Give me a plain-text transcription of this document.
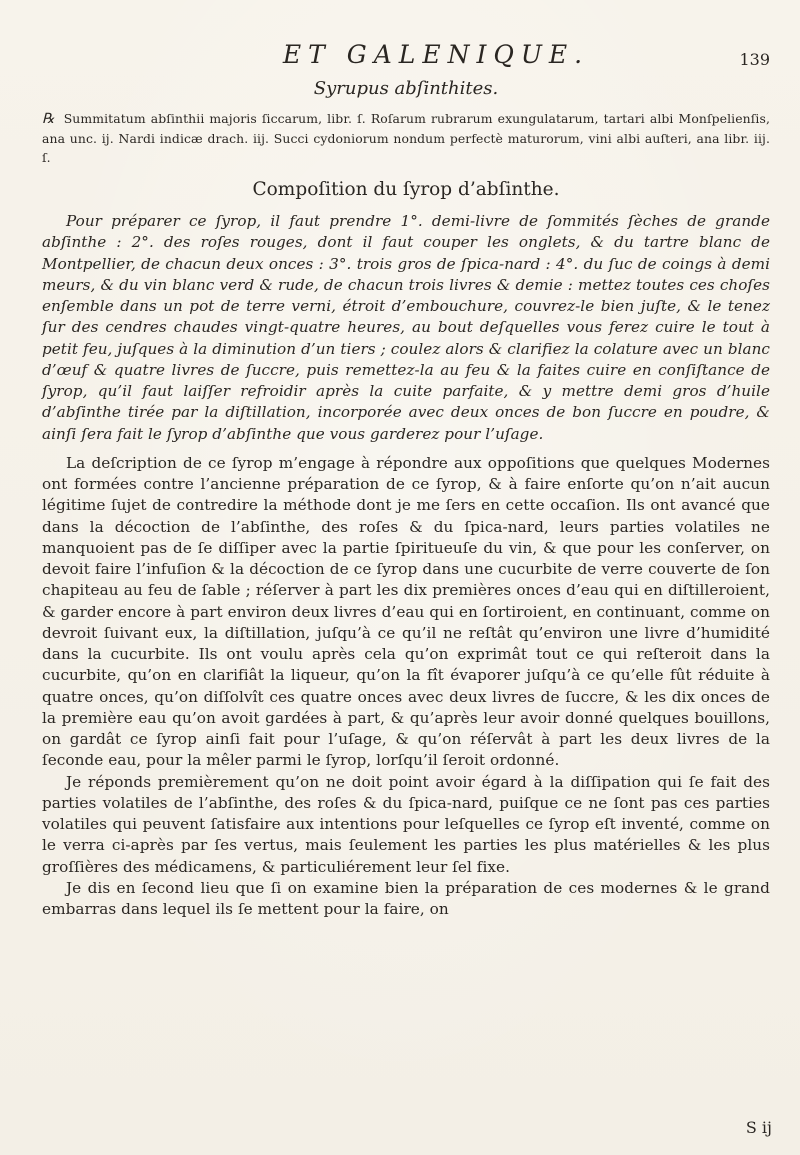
ET GALENIQUE.	139
Syrupus abſinthites.

℞ Summitatum abſinthii majoris ſiccarum, libr. ſ. Roſarum rubrarum exungulatarum, tartari albi Monſpelienſis, ana unc. ij. Nardi indicæ drach. iij. Succi cydoniorum nondum perfectè maturorum, vini albi auſteri, ana libr. iij. ſ.

Compoſition du ſyrop d’abſinthe.

Pour préparer ce ſyrop, il faut prendre 1°. demi-livre de ſommités ſèches de grande abſinthe : 2°. des roſes rouges, dont il faut couper les onglets, & du tartre blanc de Montpellier, de chacun deux onces : 3°. trois gros de ſpica-nard : 4°. du ſuc de coings à demi meurs, & du vin blanc verd & rude, de chacun trois livres & demie : mettez toutes ces choſes enſemble dans un pot de terre verni, étroit d’embouchure, couvrez-le bien juſte, & le tenez ſur des cendres chaudes vingt-quatre heures, au bout deſquelles vous ferez cuire le tout à petit feu, juſques à la diminution d’un tiers ; coulez alors & clarifiez la colature avec un blanc d’œuf & quatre livres de ſuccre, puis remettez-la au feu & la faites cuire en conſiſtance de ſyrop, qu’il faut laiſſer refroidir après la cuite parfaite, & y mettre demi gros d’huile d’abſinthe tirée par la diſtillation, incorporée avec deux onces de bon ſuccre en poudre, & ainſi ſera fait le ſyrop d’abſinthe que vous garderez pour l’uſage.

La deſcription de ce ſyrop m’engage à répondre aux oppoſitions que quelques Modernes ont formées contre l’ancienne préparation de ce ſyrop, & à faire enſorte qu’on n’ait aucun légitime ſujet de contredire la méthode dont je me ſers en cette occaſion. Ils ont avancé que dans la décoction de l’abſinthe, des roſes & du ſpica-nard, leurs parties volatiles ne manquoient pas de ſe diſſiper avec la partie ſpiritueuſe du vin, & que pour les conſerver, on devoit faire l’infuſion & la décoction de ce ſyrop dans une cucurbite de verre couverte de ſon chapiteau au feu de ſable ; réſerver à part les dix premières onces d’eau qui en diſtilleroient, & garder encore à part environ deux livres d’eau qui en ſortiroient, en continuant, comme on devroit ſuivant eux, la diſtillation, juſqu’à ce qu’il ne reſtât qu’environ une livre d’humidité dans la cucurbite. Ils ont voulu après cela qu’on exprimât tout ce qui reſteroit dans la cucurbite, qu’on en clarifiât la liqueur, qu’on la fît évaporer juſqu’à ce qu’elle fût réduite à quatre onces, qu’on diſſolvît ces quatre onces avec deux livres de ſuccre, & les dix onces de la première eau qu’on avoit gardées à part, & qu’après leur avoir donné quelques bouillons, on gardât ce ſyrop ainſi fait pour l’uſage, & qu’on réſervât à part les deux livres de la ſeconde eau, pour la mêler parmi le ſyrop, lorſqu’il ſeroit ordonné.

Je réponds premièrement qu’on ne doit point avoir égard à la diſſipation qui ſe fait des parties volatiles de l’abſinthe, des roſes & du ſpica-nard, puiſque ce ne ſont pas ces parties volatiles qui peuvent ſatisfaire aux intentions pour leſquelles ce ſyrop eſt inventé, comme on le verra ci-après par ſes vertus, mais ſeulement les parties les plus matérielles & les plus groſſières des médicamens, & particuliérement leur ſel fixe.

Je dis en ſecond lieu que ſi on examine bien la préparation de ces modernes & le grand embarras dans lequel ils ſe mettent pour la faire, on

S ij
